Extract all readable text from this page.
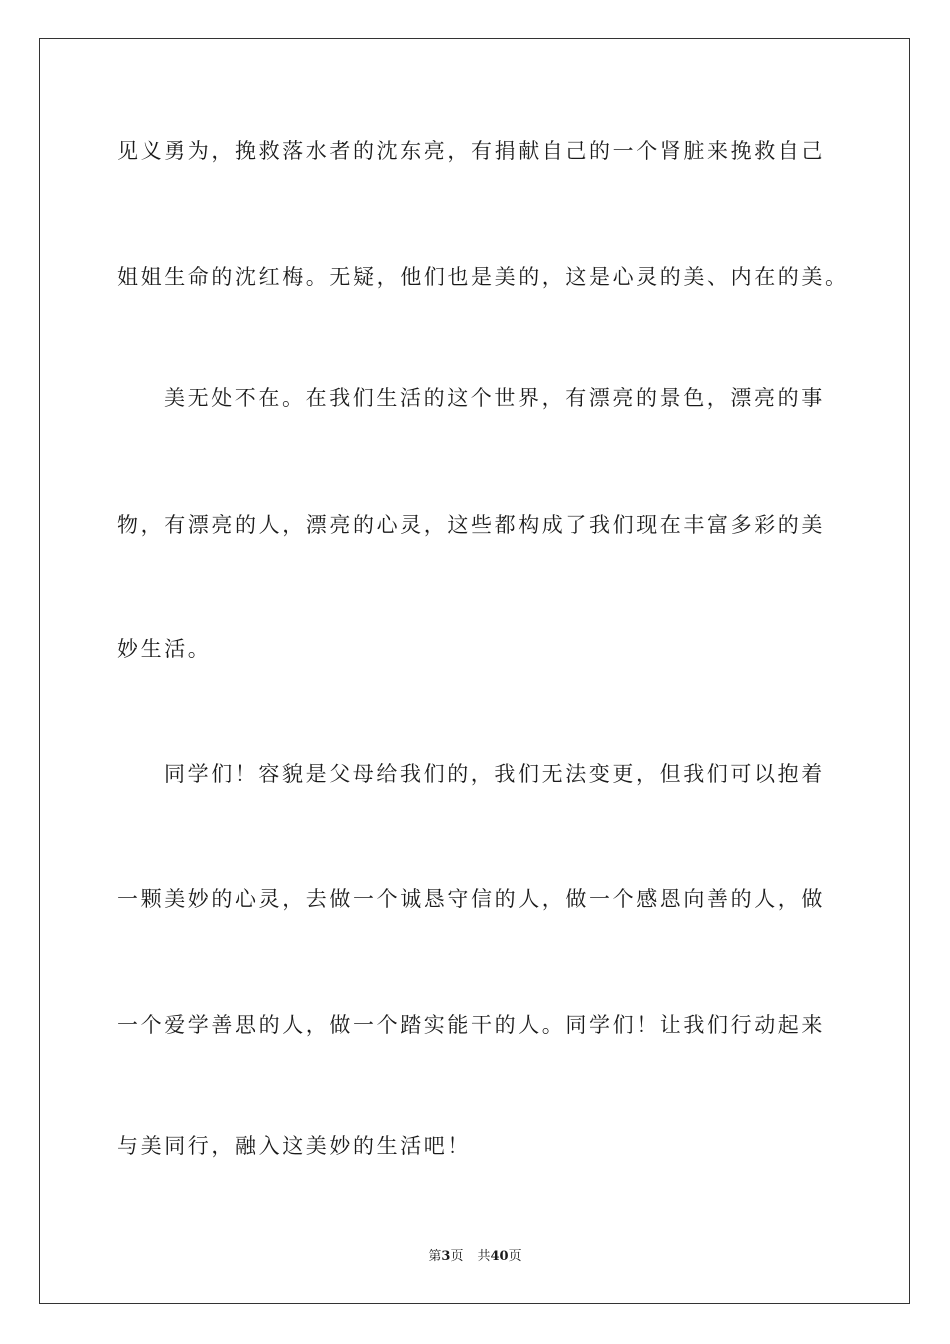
见义勇为，挽救落水者的沈东亮，有捐献自己的一个肾脏来挽救自己
姐姐生命的沈红梅。无疑，他们也是美的，这是心灵的美、内在的美。
美无处不在。在我们生活的这个世界，有漂亮的景色，漂亮的事
物，有漂亮的人，漂亮的心灵，这些都构成了我们现在丰富多彩的美
妙生活。
同学们！容貌是父母给我们的，我们无法变更，但我们可以抱着
一颗美妙的心灵，去做一个诚恳守信的人，做一个感恩向善的人，做
一个爱学善思的人，做一个踏实能干的人。同学们！让我们行动起来
与美同行，融入这美妙的生活吧！
第3页 共40页
